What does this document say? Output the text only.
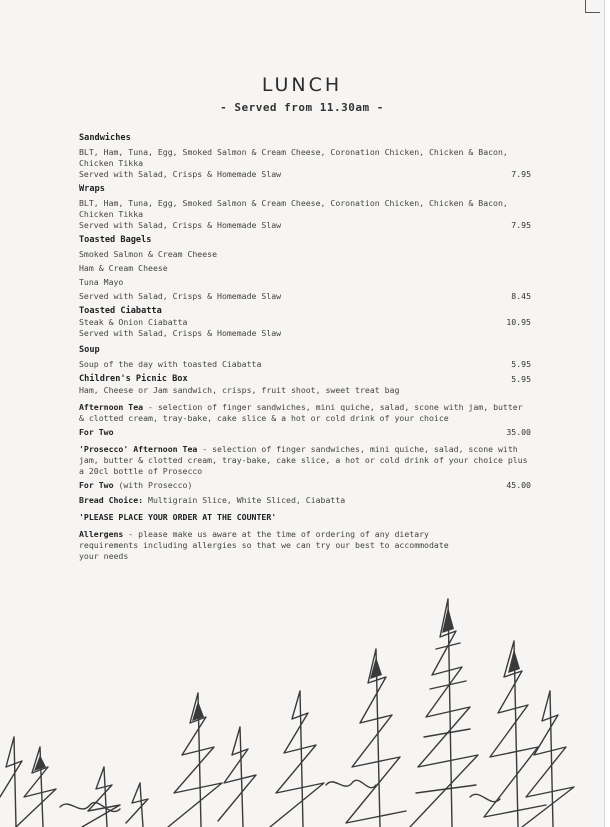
LUNCH
- Served from 11.30am -
Sandwiches
BLT, Ham, Tuna, Egg, Smoked Salmon & Cream Cheese, Coronation Chicken, Chicken & Bacon, Chicken Tikka
Served with Salad, Crisps & Homemade Slaw	7.95
Wraps
BLT, Ham, Tuna, Egg, Smoked Salmon & Cream Cheese, Coronation Chicken, Chicken & Bacon, Chicken Tikka
Served with Salad, Crisps & Homemade Slaw	7.95
Toasted Bagels
Smoked Salmon & Cream Cheese
Ham & Cream Cheese
Tuna Mayo
Served with Salad, Crisps & Homemade Slaw	8.45
Toasted Ciabatta
Steak & Onion Ciabatta	10.95
Served with Salad, Crisps & Homemade Slaw
Soup
Soup of the day with toasted Ciabatta	5.95
Children's Picnic Box	5.95
Ham, Cheese or Jam sandwich, crisps, fruit shoot, sweet treat bag
Afternoon Tea - selection of finger sandwiches, mini quiche, salad, scone with jam, butter & clotted cream, tray-bake, cake slice & a hot or cold drink of your choice
For Two	35.00
'Prosecco' Afternoon Tea - selection of finger sandwiches, mini quiche, salad, scone with jam, butter & clotted cream, tray-bake, cake slice, a hot or cold drink of your choice plus a 20cl bottle of Prosecco
For Two (with Prosecco)	45.00
Bread Choice: Multigrain Slice, White Sliced, Ciabatta
'PLEASE PLACE YOUR ORDER AT THE COUNTER'
Allergens - please make us aware at the time of ordering of any dietary requirements including allergies so that we can try our best to accommodate your needs
